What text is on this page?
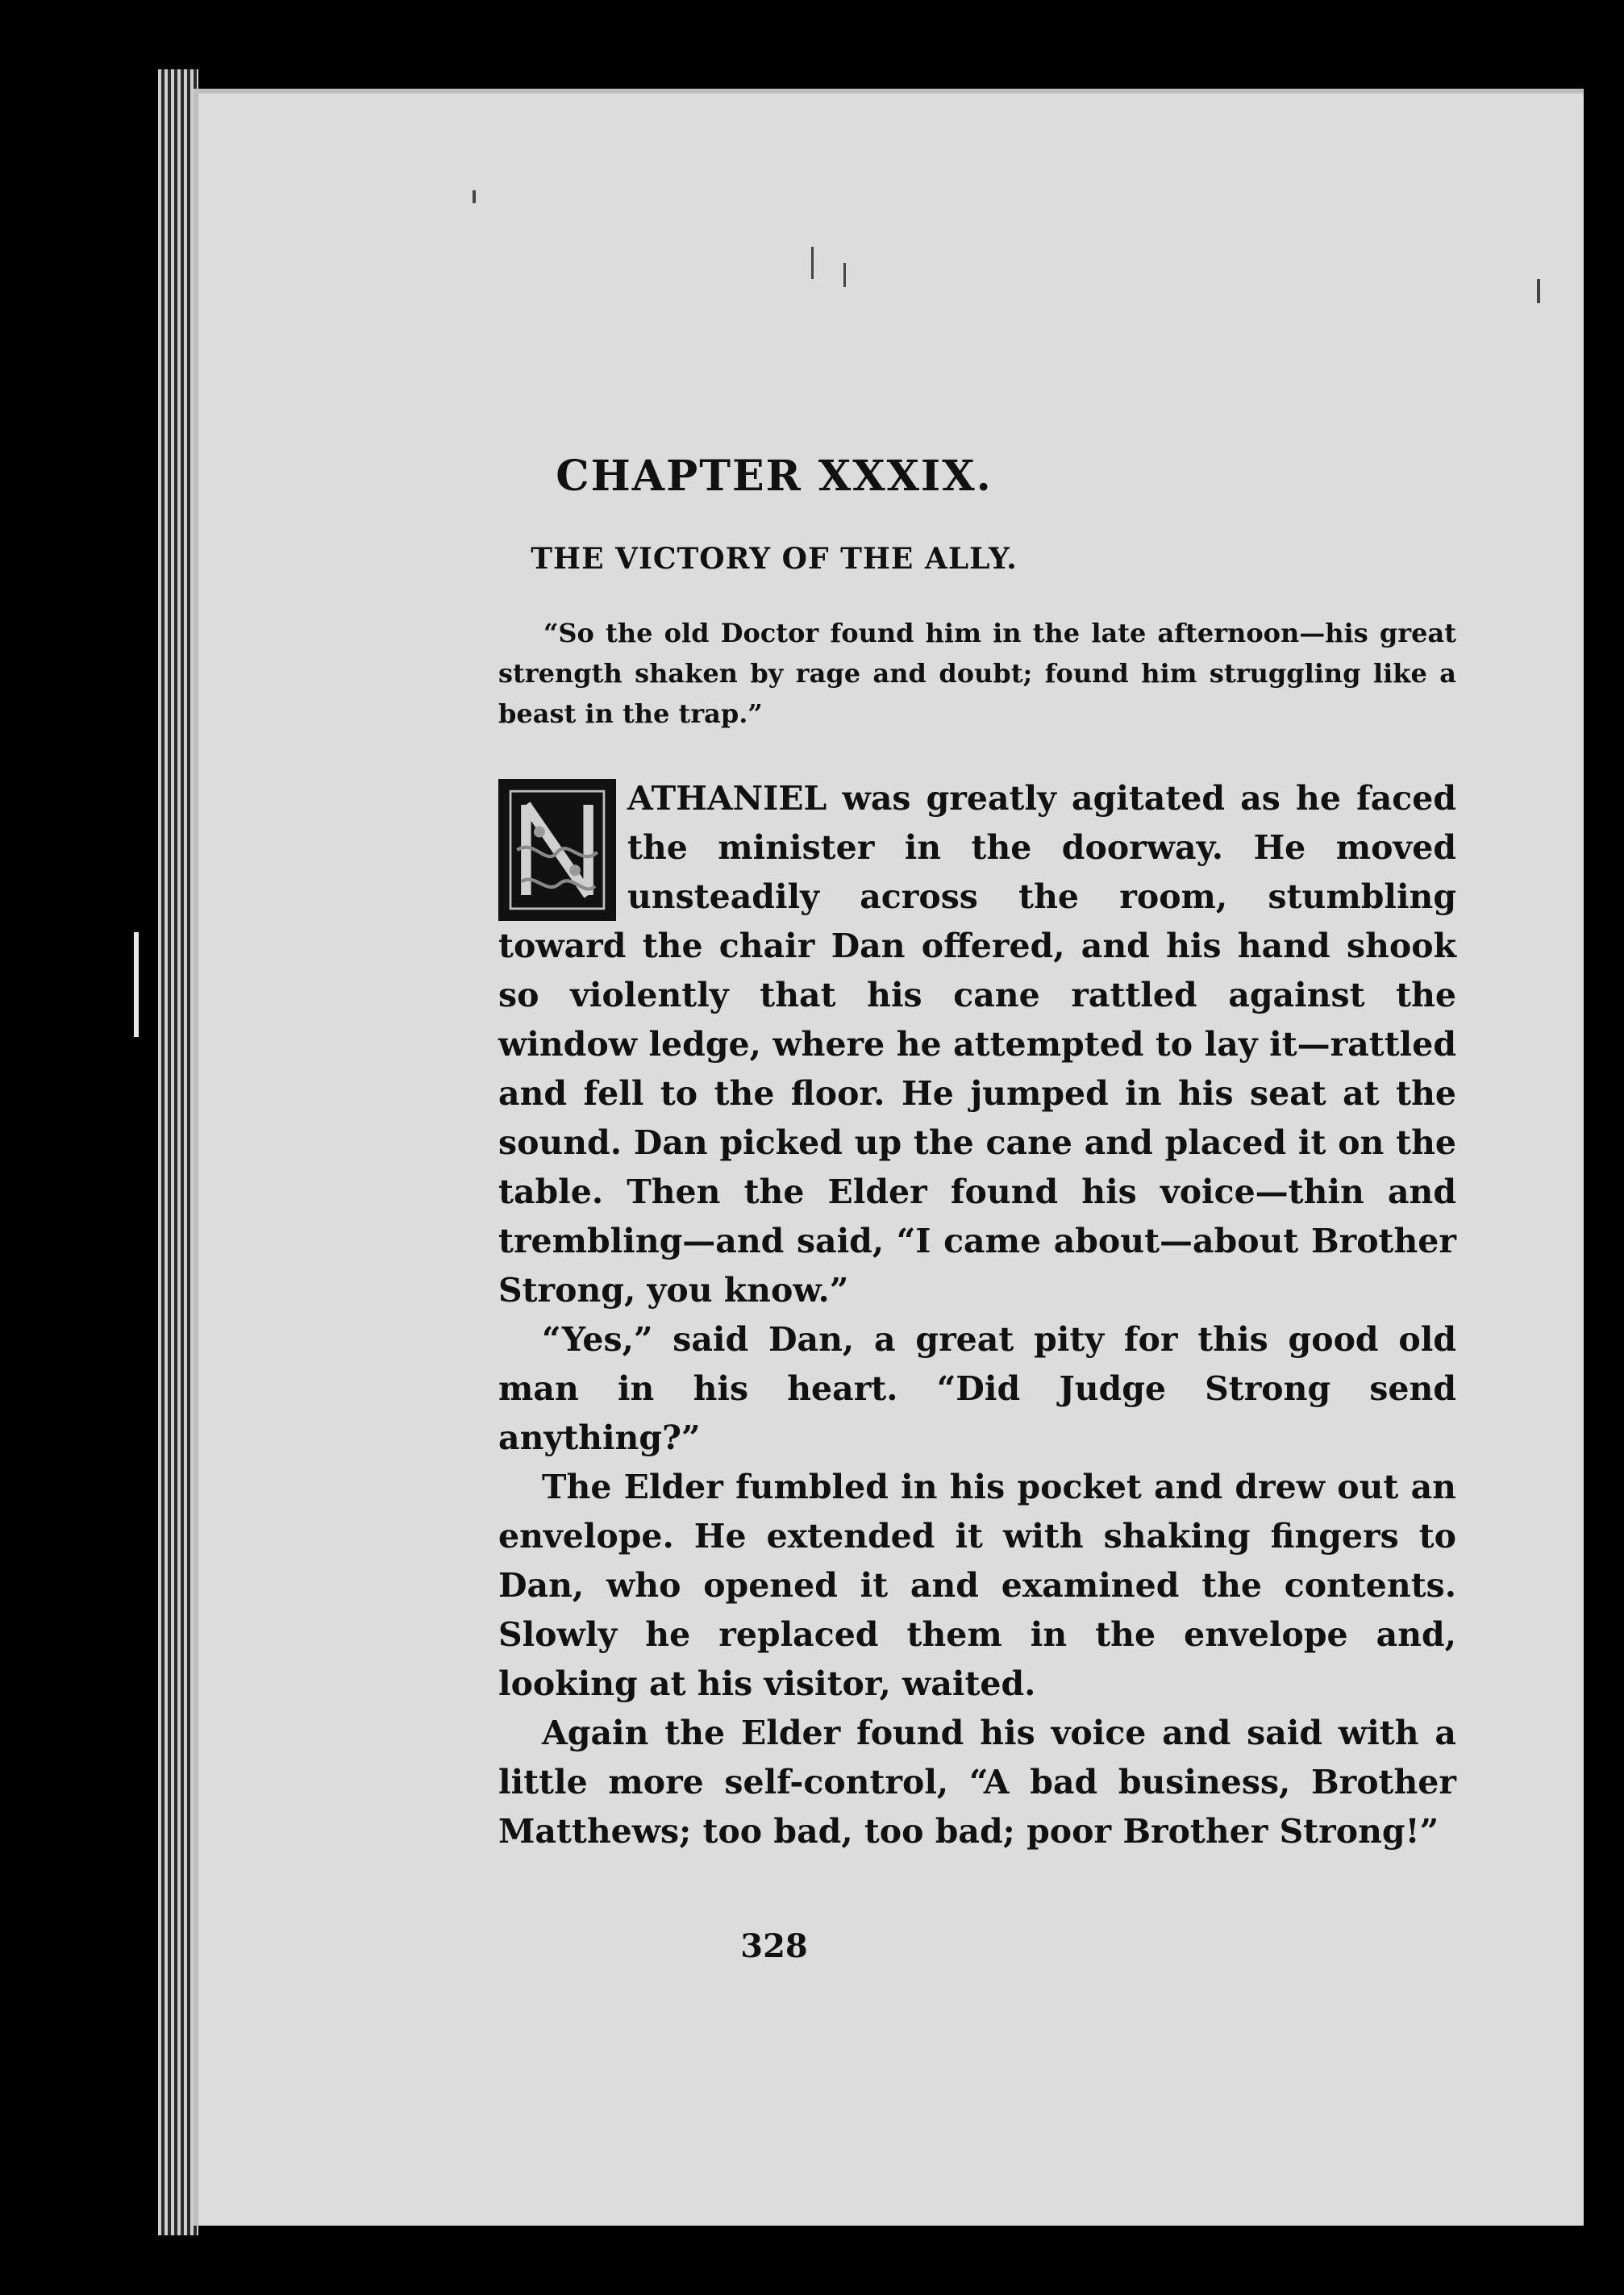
CHAPTER XXXIX.
THE VICTORY OF THE ALLY.
“So the old Doctor found him in the late afternoon—his great strength shaken by rage and doubt; found him struggling like a beast in the trap.”

ATHANIEL was greatly agitated as he faced the minister in the doorway. He moved unsteadily across the room, stumbling toward the chair Dan offered, and his hand shook so violently that his cane rattled against the window ledge, where he attempted to lay it—rattled and fell to the floor. He jumped in his seat at the sound. Dan picked up the cane and placed it on the table. Then the Elder found his voice—thin and trembling—and said, “I came about—about Brother Strong, you know.”

“Yes,” said Dan, a great pity for this good old man in his heart. “Did Judge Strong send anything?”

The Elder fumbled in his pocket and drew out an envelope. He extended it with shaking fingers to Dan, who opened it and examined the contents. Slowly he replaced them in the envelope and, looking at his visitor, waited.

Again the Elder found his voice and said with a little more self-control, “A bad business, Brother Matthews; too bad, too bad; poor Brother Strong!”

328
